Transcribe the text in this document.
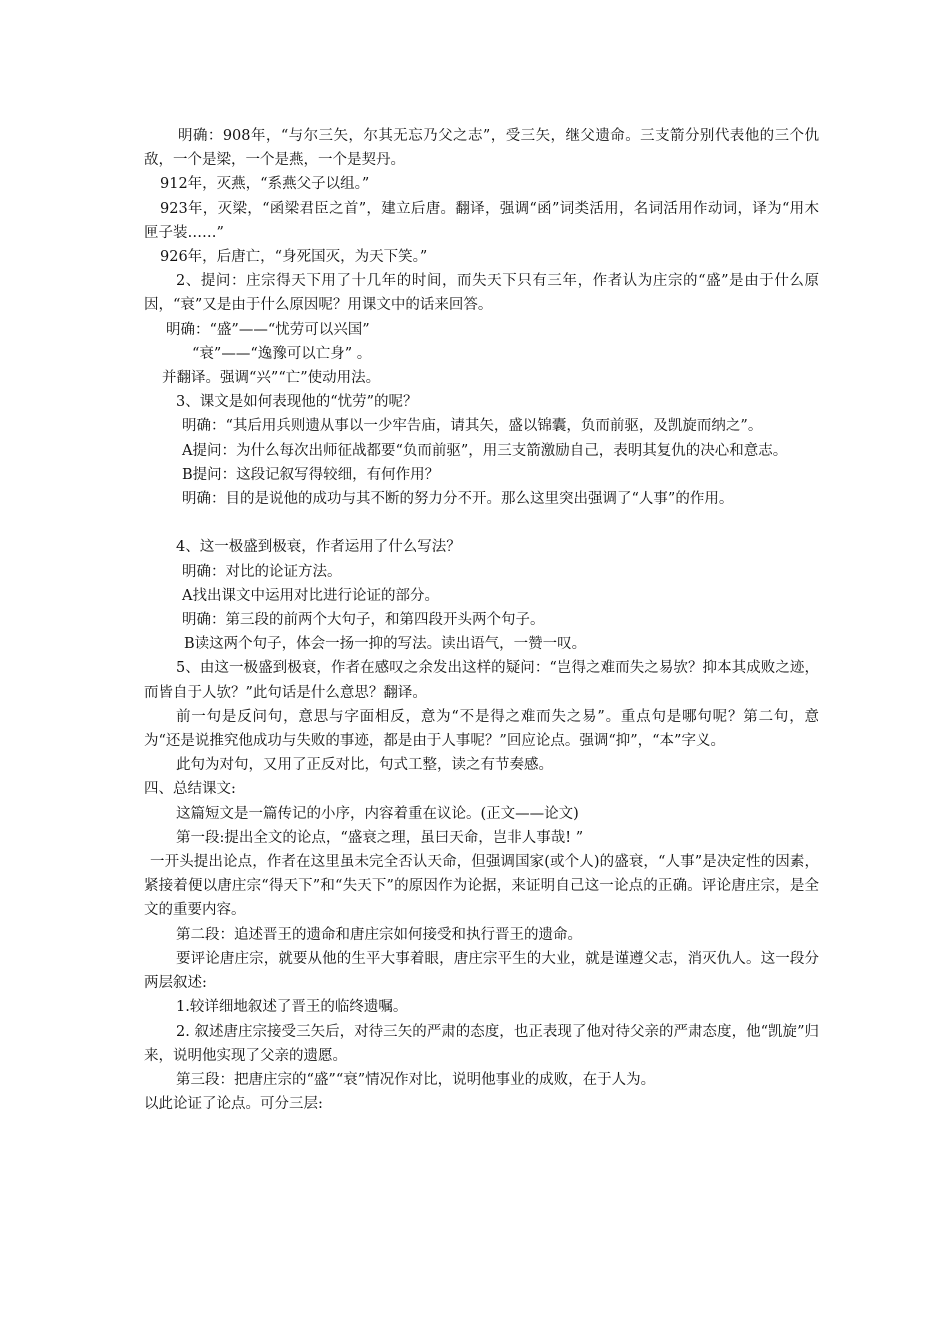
明确：908年，“与尔三矢，尔其无忘乃父之志”，受三矢，继父遗命。三支箭分别代表他的三个仇敌，一个是梁，一个是燕，一个是契丹。

912年，灭燕，“系燕父子以组。”

923年，灭梁，“函梁君臣之首”，建立后唐。翻译，强调“函”词类活用，名词活用作动词，译为“用木匣子装……”

926年，后唐亡，“身死国灭，为天下笑。”

2、提问：庄宗得天下用了十几年的时间，而失天下只有三年，作者认为庄宗的“盛”是由于什么原因，“衰”又是由于什么原因呢？用课文中的话来回答。

明确：“盛”——“忧劳可以兴国”

“衰”——“逸豫可以亡身” 。

并翻译。强调“兴”“亡”使动用法。

3、课文是如何表现他的“忧劳”的呢？

明确：“其后用兵则遗从事以一少牢告庙，请其矢，盛以锦囊，负而前驱，及凯旋而纳之”。

A提问：为什么每次出师征战都要“负而前驱”，用三支箭激励自己，表明其复仇的决心和意志。

B提问：这段记叙写得较细，有何作用？

明确：目的是说他的成功与其不断的努力分不开。那么这里突出强调了“人事”的作用。

4、这一极盛到极衰，作者运用了什么写法？

明确：对比的论证方法。

A找出课文中运用对比进行论证的部分。

明确：第三段的前两个大句子，和第四段开头两个句子。

B读这两个句子，体会一扬一抑的写法。读出语气，一赞一叹。

5、由这一极盛到极衰，作者在感叹之余发出这样的疑问：“岂得之难而失之易欤？抑本其成败之迹，而皆自于人欤？”此句话是什么意思？翻译。

前一句是反问句，意思与字面相反，意为“不是得之难而失之易”。重点句是哪句呢？第二句，意为“还是说推究他成功与失败的事迹，都是由于人事呢？”回应论点。强调“抑”，“本”字义。

此句为对句，又用了正反对比，句式工整，读之有节奏感。

四、总结课文:

这篇短文是一篇传记的小序，内容着重在议论。(正文——论文)

第一段:提出全文的论点，“盛衰之理，虽曰天命，岂非人事哉! ”

一开头提出论点，作者在这里虽未完全否认天命，但强调国家(或个人)的盛衰，“人事”是决定性的因素，紧接着便以唐庄宗“得天下”和“失天下”的原因作为论据，来证明自己这一论点的正确。评论唐庄宗，是全文的重要内容。

第二段：追述晋王的遗命和唐庄宗如何接受和执行晋王的遗命。

要评论唐庄宗，就要从他的生平大事着眼，唐庄宗平生的大业，就是谨遵父志，消灭仇人。这一段分两层叙述:

1.较详细地叙述了晋王的临终遗嘱。

2. 叙述唐庄宗接受三矢后，对待三矢的严肃的态度，也正表现了他对待父亲的严肃态度，他“凯旋”归来，说明他实现了父亲的遗愿。

第三段：把唐庄宗的“盛”“衰”情况作对比，说明他事业的成败，在于人为。

以此论证了论点。可分三层:
